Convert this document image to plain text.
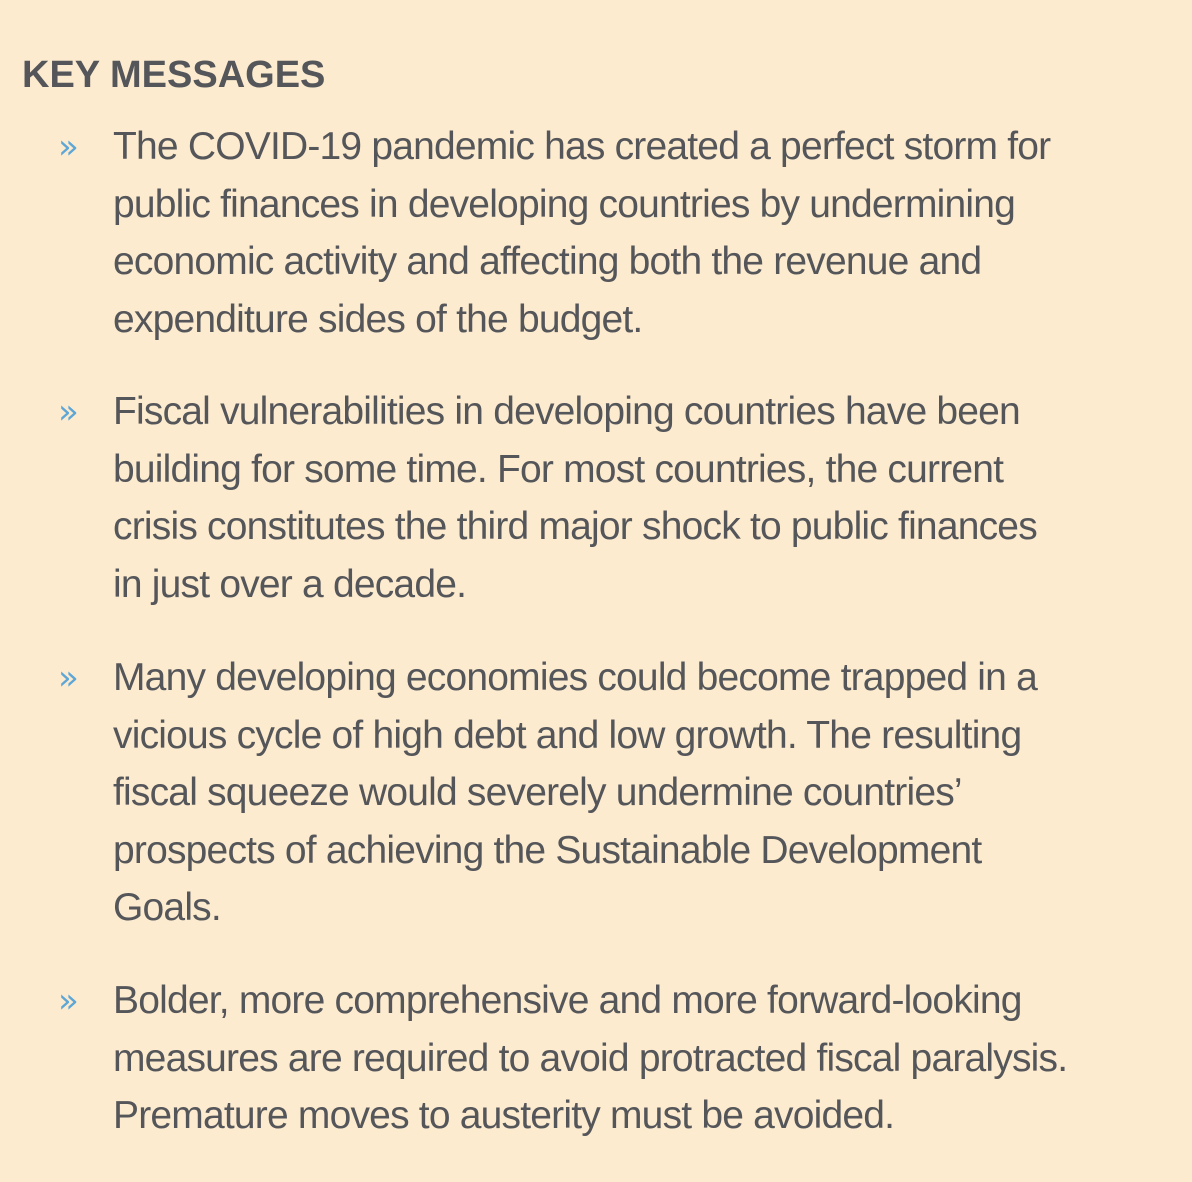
KEY MESSAGES
» The COVID-19 pandemic has created a perfect storm for
public finances in developing countries by undermining
economic activity and affecting both the revenue and
expenditure sides of the budget.

» Fiscal vulnerabilities in developing countries have been
building for some time. For most countries, the current
crisis constitutes the third major shock to public finances
in just over a decade.

» Many developing economies could become trapped in a
vicious cycle of high debt and low growth. The resulting
fiscal squeeze would severely undermine countries’
prospects of achieving the Sustainable Development
Goals.

» Bolder, more comprehensive and more forward-looking
measures are required to avoid protracted fiscal paralysis.
Premature moves to austerity must be avoided.
